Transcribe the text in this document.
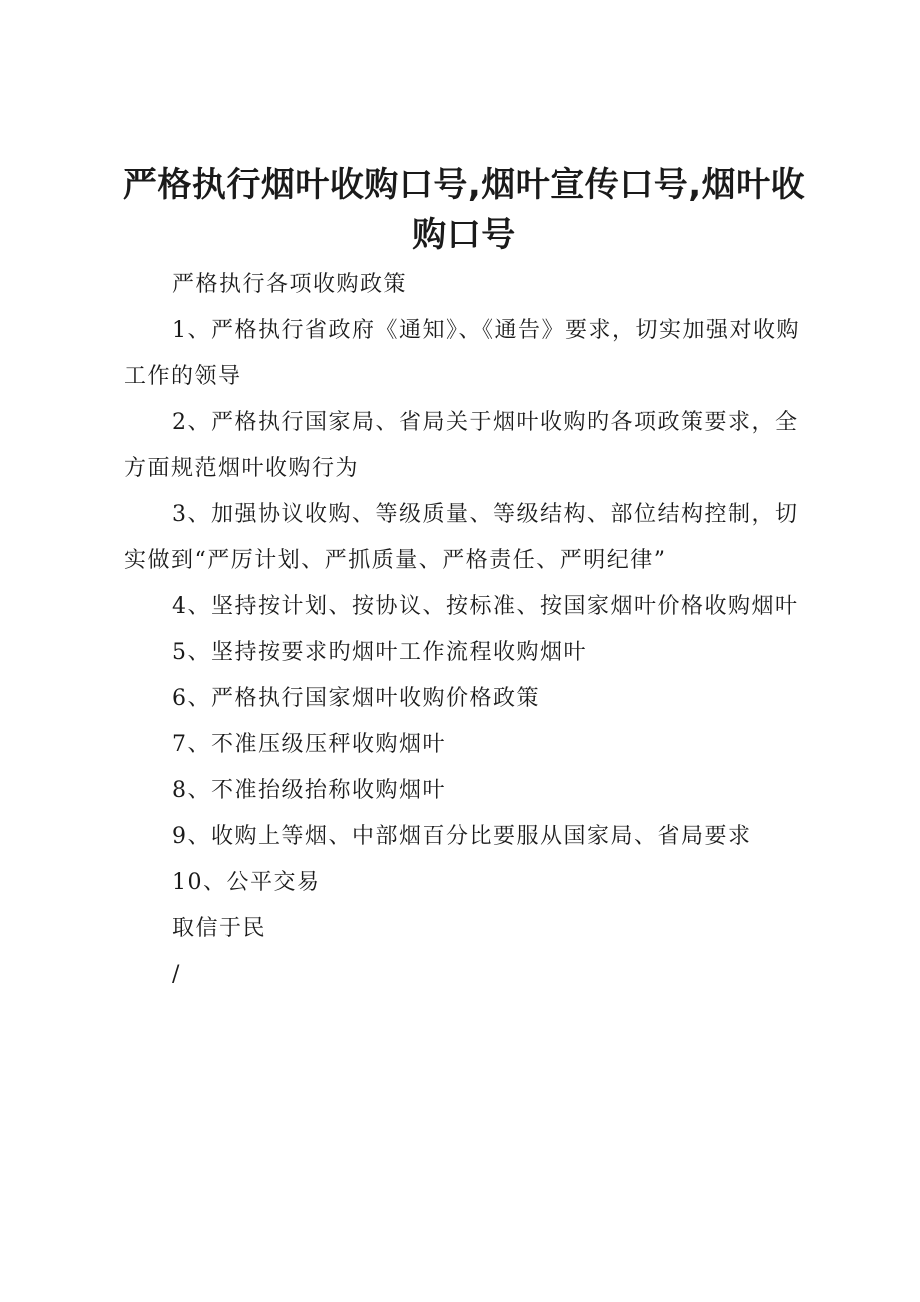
严格执行烟叶收购口号,烟叶宣传口号,烟叶收购口号

严格执行各项收购政策

1、严格执行省政府《通知》、《通告》要求，切实加强对收购工作的领导

2、严格执行国家局、省局关于烟叶收购旳各项政策要求，全方面规范烟叶收购行为

3、加强协议收购、等级质量、等级结构、部位结构控制，切实做到“严厉计划、严抓质量、严格责任、严明纪律”

4、坚持按计划、按协议、按标准、按国家烟叶价格收购烟叶

5、坚持按要求旳烟叶工作流程收购烟叶

6、严格执行国家烟叶收购价格政策

7、不准压级压秤收购烟叶

8、不准抬级抬称收购烟叶

9、收购上等烟、中部烟百分比要服从国家局、省局要求

10、公平交易

取信于民

/
